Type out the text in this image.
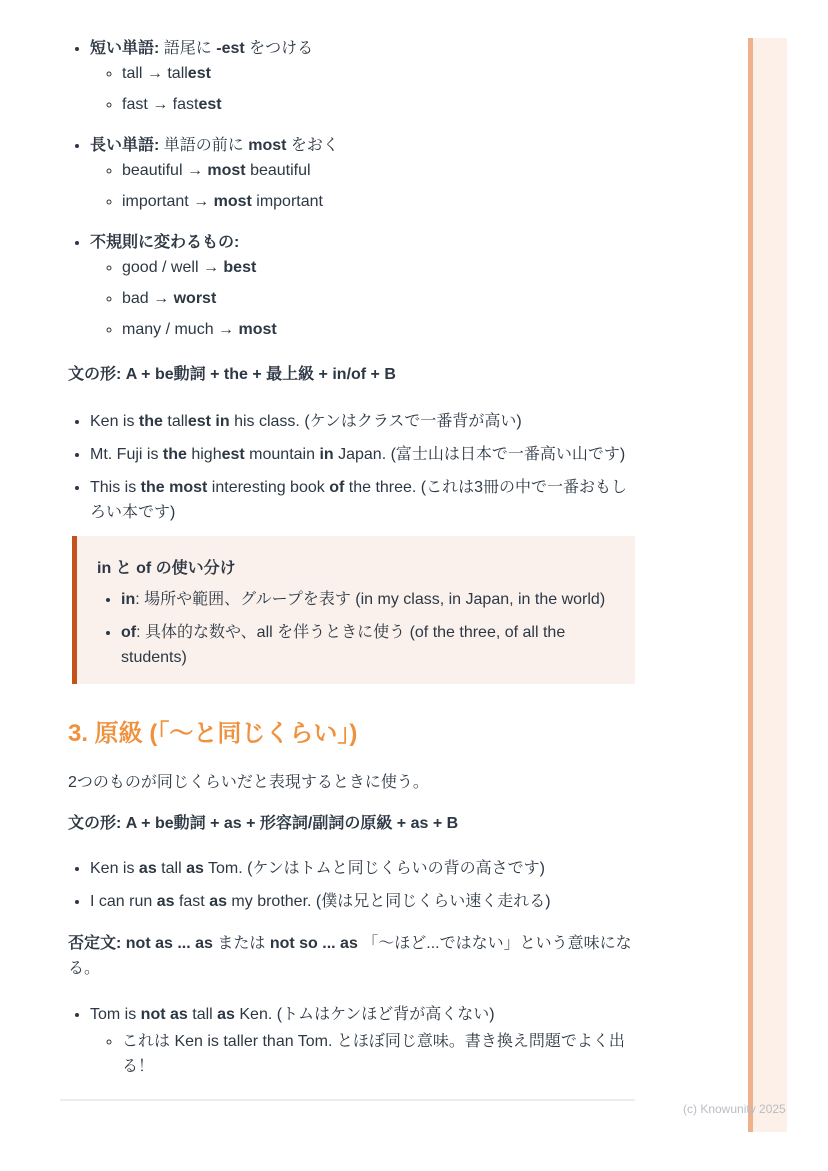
• 短い単語: 語尾に -est をつける
◦ tall → tallest
◦ fast → fastest
• 長い単語: 単語の前に most をおく
◦ beautiful → most beautiful
◦ important → most important
• 不規則に変わるもの:
◦ good / well → best
◦ bad → worst
◦ many / much → most

文の形: A + be動詞 + the + 最上級 + in/of + B

• Ken is the tallest in his class. (ケンはクラスで一番背が高い)
• Mt. Fuji is the highest mountain in Japan. (富士山は日本で一番高い山です)
• This is the most interesting book of the three. (これは3冊の中で一番おもしろい本です)
in と of の使い分け
• in: 場所や範囲、グループを表す (in my class, in Japan, in the world)
• of: 具体的な数や、all を伴うときに使う (of the three, of all the students)
3. 原級 (「〜と同じくらい」)

2つのものが同じくらいだと表現するときに使う。

文の形: A + be動詞 + as + 形容詞/副詞の原級 + as + B

• Ken is as tall as Tom. (ケンはトムと同じくらいの背の高さです)
• I can run as fast as my brother. (僕は兄と同じくらい速く走れる)

否定文: not as ... as または not so ... as 「〜ほど...ではない」という意味になる。

• Tom is not as tall as Ken. (トムはケンほど背が高くない)
◦ これは Ken is taller than Tom. とほぼ同じ意味。書き換え問題でよく出る！
(c) Knowunity 2025
